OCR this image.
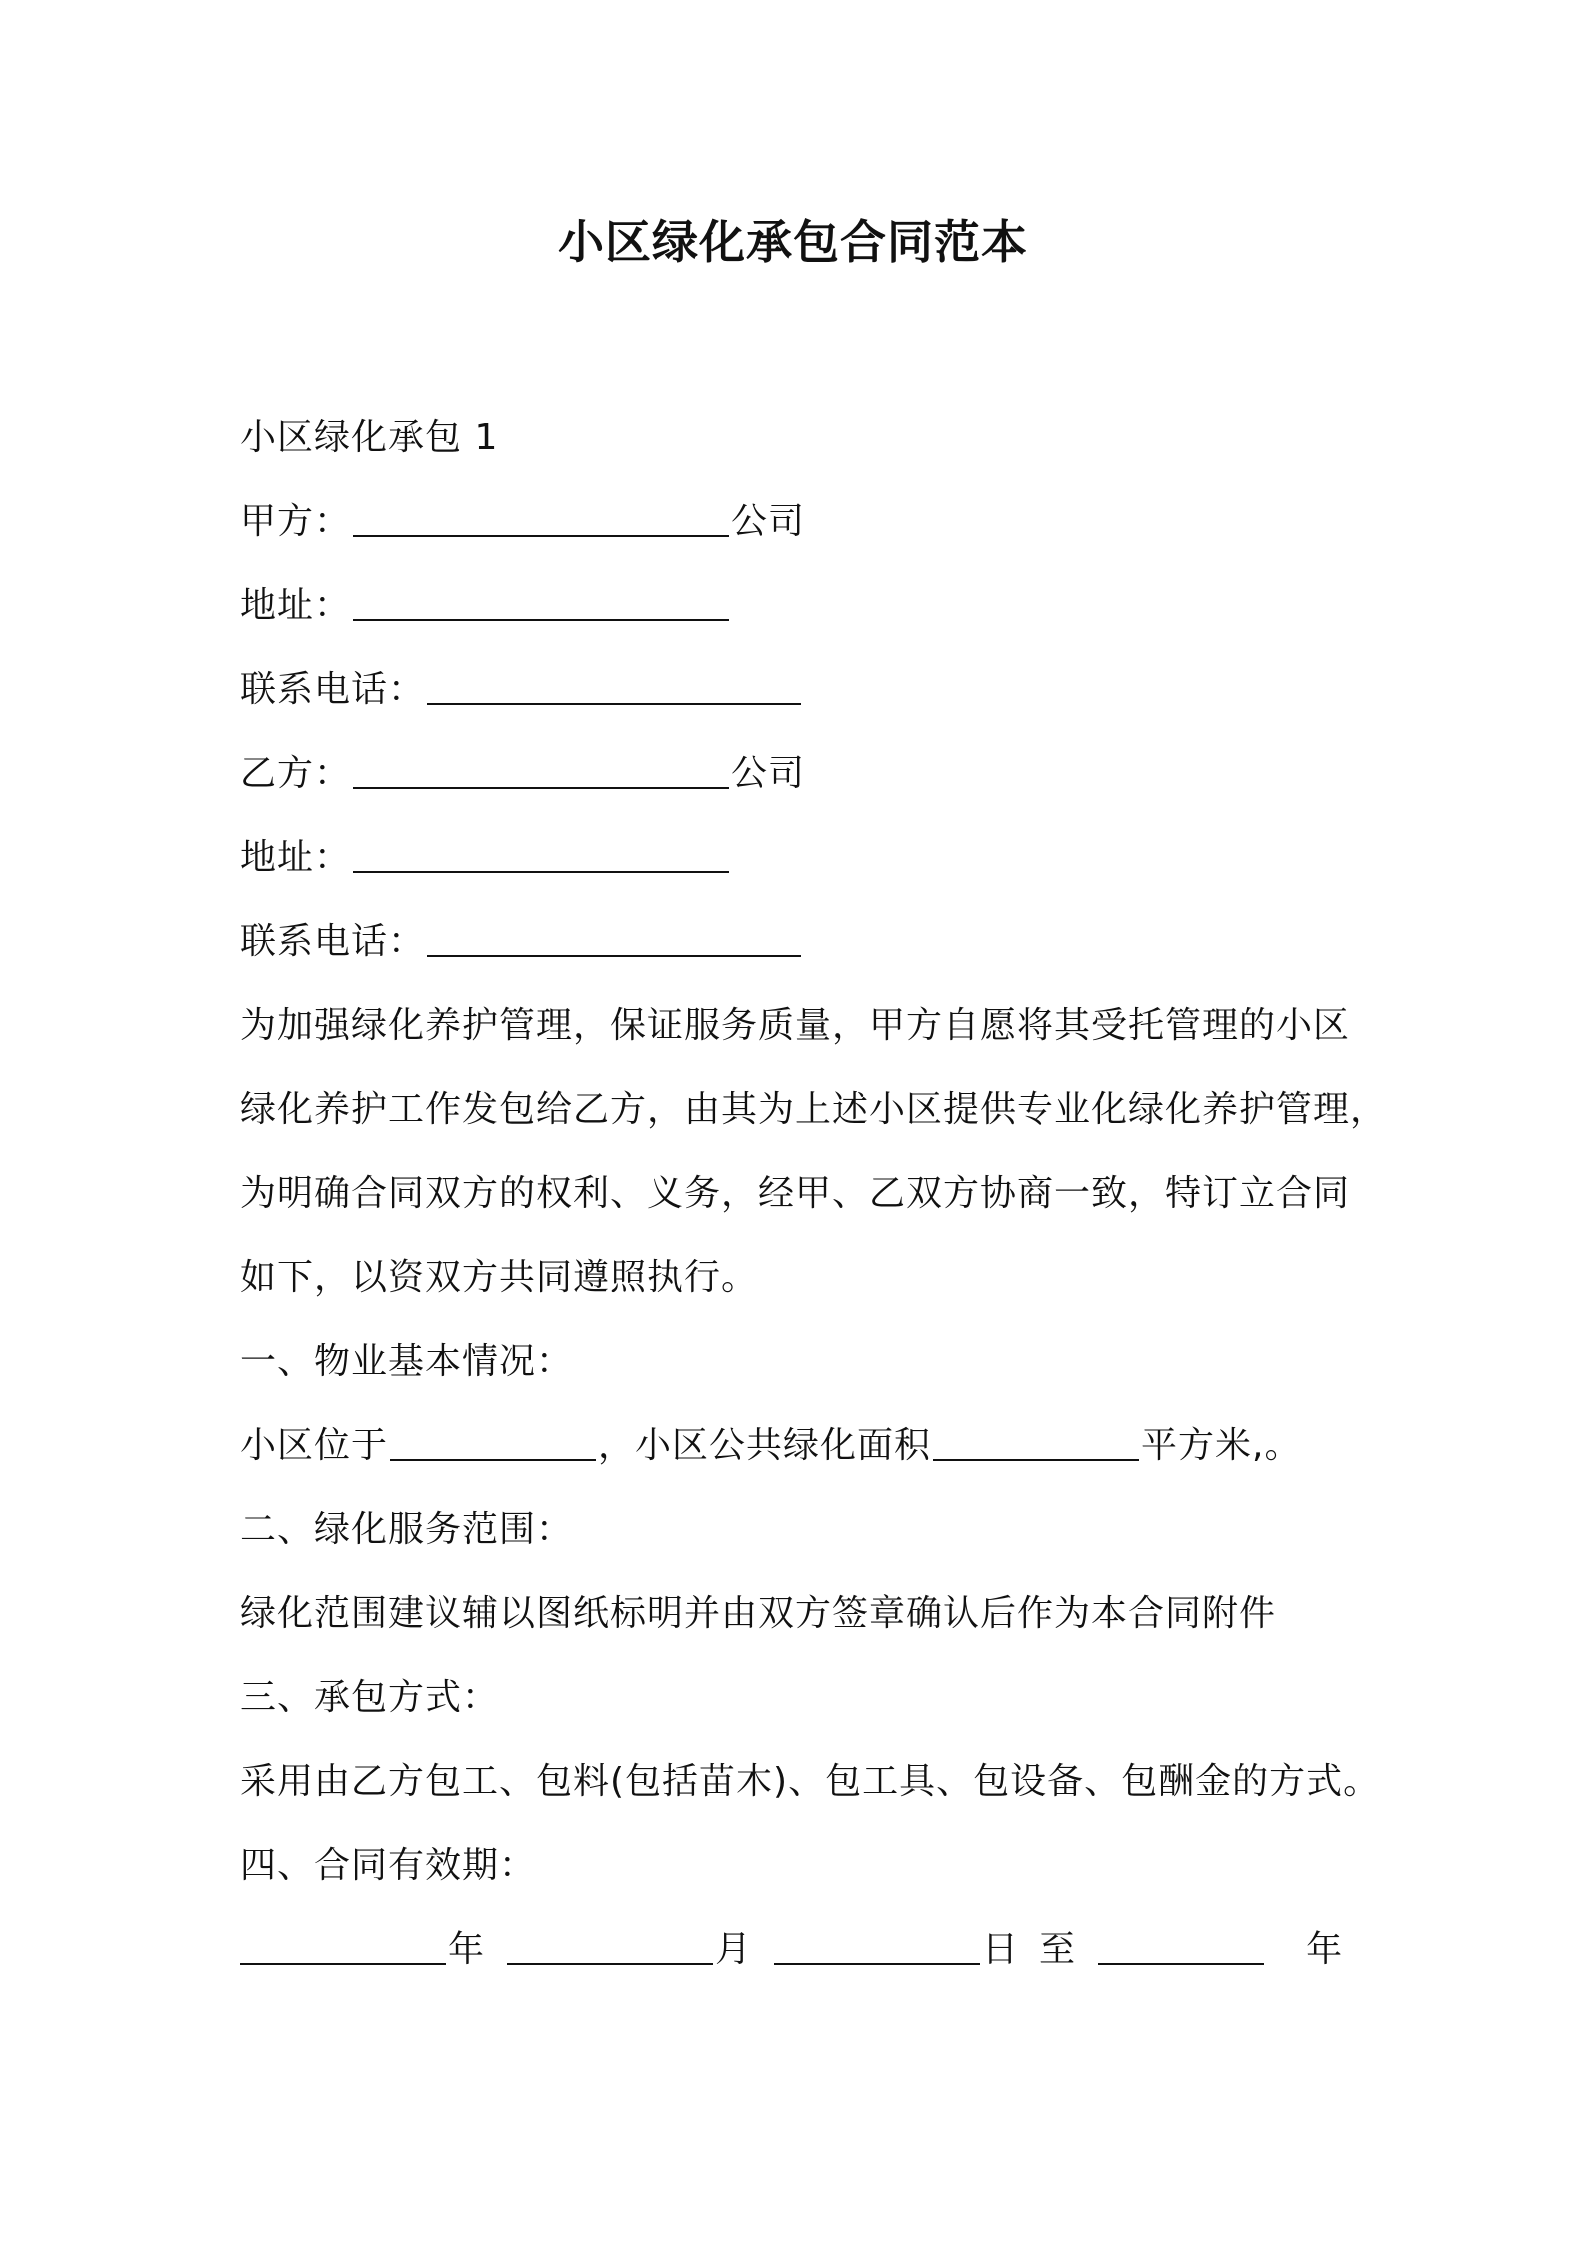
小区绿化承包合同范本
小区绿化承包 1
甲方：	公司
地址：
联系电话：
乙方：	公司
地址：
联系电话：
为加强绿化养护管理，保证服务质量，甲方自愿将其受托管理的小区
绿化养护工作发包给乙方，由其为上述小区提供专业化绿化养护管理，
为明确合同双方的权利、义务，经甲、乙双方协商一致，特订立合同
如下，以资双方共同遵照执行。
一、物业基本情况：
小区位于	，小区公共绿化面积	平方米,。
二、绿化服务范围：
绿化范围建议辅以图纸标明并由双方签章确认后作为本合同附件
三、承包方式：
采用由乙方包工、包料(包括苗木)、包工具、包设备、包酬金的方式。
四、合同有效期：
年	月	日 至	年
